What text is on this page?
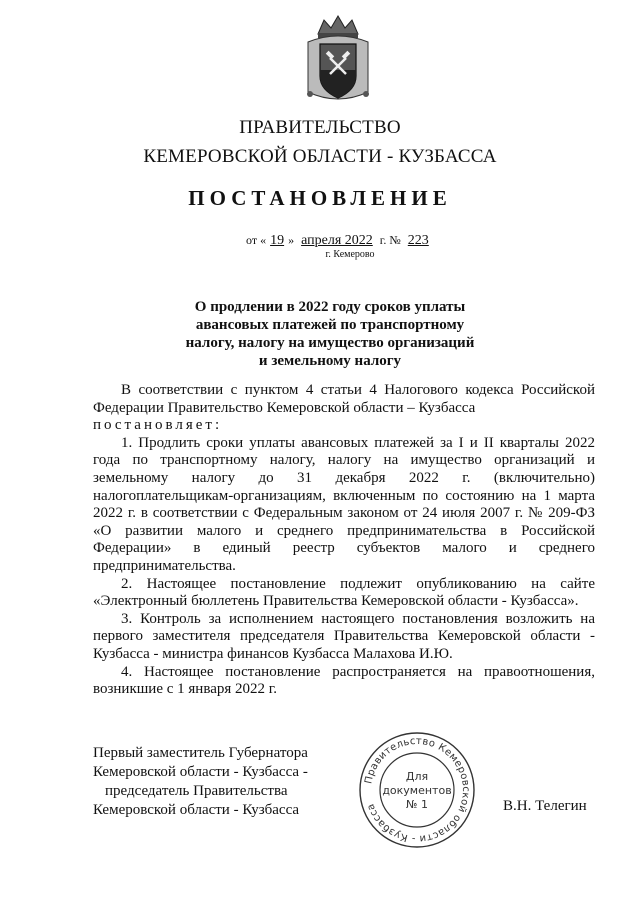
ПРАВИТЕЛЬСТВО
КЕМЕРОВСКОЙ ОБЛАСТИ - КУЗБАССА
ПОСТАНОВЛЕНИЕ
от « 19 » апреля 2022 г. № 223
г. Кемерово
О продлении в 2022 году сроков уплаты
авансовых платежей по транспортному
налогу, налогу на имущество организаций
и земельному налогу

В соответствии с пунктом 4 статьи 4 Налогового кодекса Российской Федерации Правительство Кемеровской области – Кузбасса

постановляет:

1. Продлить сроки уплаты авансовых платежей за I и II кварталы 2022 года по транспортному налогу, налогу на имущество организаций и земельному налогу до 31 декабря 2022 г. (включительно) налогоплательщикам-организациям, включенным по состоянию на 1 марта 2022 г. в соответствии с Федеральным законом от 24 июля 2007 г. № 209-ФЗ «О развитии малого и среднего предпринимательства в Российской Федерации» в единый реестр субъектов малого и среднего предпринимательства.

2. Настоящее постановление подлежит опубликованию на сайте «Электронный бюллетень Правительства Кемеровской области - Кузбасса».

3. Контроль за исполнением настоящего постановления возложить на первого заместителя председателя Правительства Кемеровской области - Кузбасса - министра финансов Кузбасса Малахова И.Ю.

4. Настоящее постановление распространяется на правоотношения, возникшие с 1 января 2022 г.

Первый заместитель Губернатора
Кемеровской области - Кузбасса -
председатель Правительства
Кемеровской области - Кузбасса
Правительство Кемеровской области - Кузбасса
Для
документов
№ 1	В.Н. Телегин
